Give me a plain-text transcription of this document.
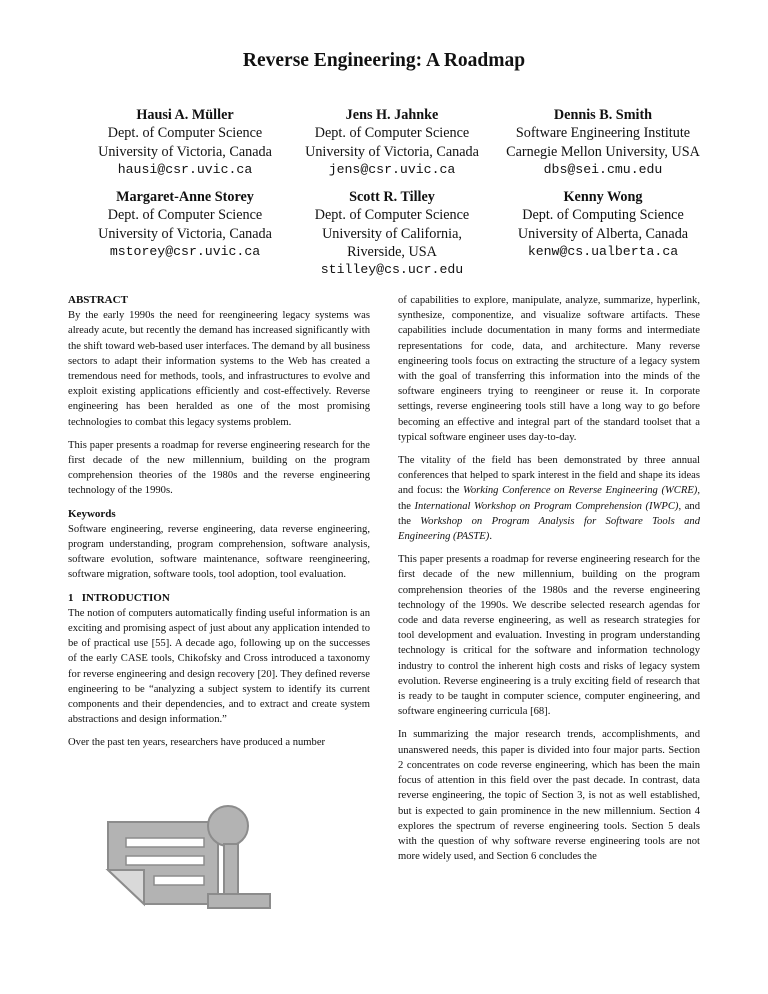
Reverse Engineering: A Roadmap
Hausi A. Müller
Dept. of Computer Science
University of Victoria, Canada
hausi@csr.uvic.ca
Jens H. Jahnke
Dept. of Computer Science
University of Victoria, Canada
jens@csr.uvic.ca
Dennis B. Smith
Software Engineering Institute
Carnegie Mellon University, USA
dbs@sei.cmu.edu
Margaret-Anne Storey
Dept. of Computer Science
University of Victoria, Canada
mstorey@csr.uvic.ca
Scott R. Tilley
Dept. of Computer Science
University of California,
Riverside, USA
stilley@cs.ucr.edu
Kenny Wong
Dept. of Computing Science
University of Alberta, Canada
kenw@cs.ualberta.ca
ABSTRACT

By the early 1990s the need for reengineering legacy systems was already acute, but recently the demand has increased significantly with the shift toward web-based user interfaces. The demand by all business sectors to adapt their information systems to the Web has created a tremendous need for methods, tools, and infrastructures to evolve and exploit existing applications efficiently and cost-effectively. Reverse engineering has been heralded as one of the most promising technologies to combat this legacy systems problem.

This paper presents a roadmap for reverse engineering research for the first decade of the new millennium, building on the program comprehension theories of the 1980s and the reverse engineering technology of the 1990s.

Keywords

Software engineering, reverse engineering, data reverse engineering, program understanding, program comprehension, software analysis, software evolution, software maintenance, software reengineering, software migration, software tools, tool adoption, tool evaluation.

1   INTRODUCTION

The notion of computers automatically finding useful information is an exciting and promising aspect of just about any application intended to be of practical use [55]. A decade ago, following up on the successes of the early CASE tools, Chikofsky and Cross introduced a taxonomy for reverse engineering and design recovery [20]. They defined reverse engineering to be “analyzing a subject system to identify its current components and their dependencies, and to extract and create system abstractions and design information.”

Over the past ten years, researchers have produced a number

of capabilities to explore, manipulate, analyze, summarize, hyperlink, synthesize, componentize, and visualize software artifacts. These capabilities include documentation in many forms and intermediate representations for code, data, and architecture. Many reverse engineering tools focus on extracting the structure of a legacy system with the goal of transferring this information into the minds of the software engineers trying to reengineer or reuse it. In corporate settings, reverse engineering tools still have a long way to go before becoming an effective and integral part of the standard toolset that a typical software engineer uses day-to-day.

The vitality of the field has been demonstrated by three annual conferences that helped to spark interest in the field and shape its ideas and focus: the Working Conference on Reverse Engineering (WCRE), the International Workshop on Program Comprehension (IWPC), and the Workshop on Program Analysis for Software Tools and Engineering (PASTE).

This paper presents a roadmap for reverse engineering research for the first decade of the new millennium, building on the program comprehension theories of the 1980s and the reverse engineering technology of the 1990s. We describe selected research agendas for code and data reverse engineering, as well as research strategies for tool development and evaluation. Investing in program understanding technology is critical for the software and information technology industry to control the inherent high costs and risks of legacy system evolution. Reverse engineering is a truly exciting field of research that is ready to be taught in computer science, computer engineering, and software engineering curricula [68].

In summarizing the major research trends, accomplishments, and unanswered needs, this paper is divided into four major parts. Section 2 concentrates on code reverse engineering, which has been the main focus of attention in this field over the past decade. In contrast, data reverse engineering, the topic of Section 3, is not as well established, but is expected to gain prominence in the new millennium. Section 4 explores the spectrum of reverse engineering tools. Section 5 deals with the question of why software reverse engineering tools are not more widely used, and Section 6 concludes the
